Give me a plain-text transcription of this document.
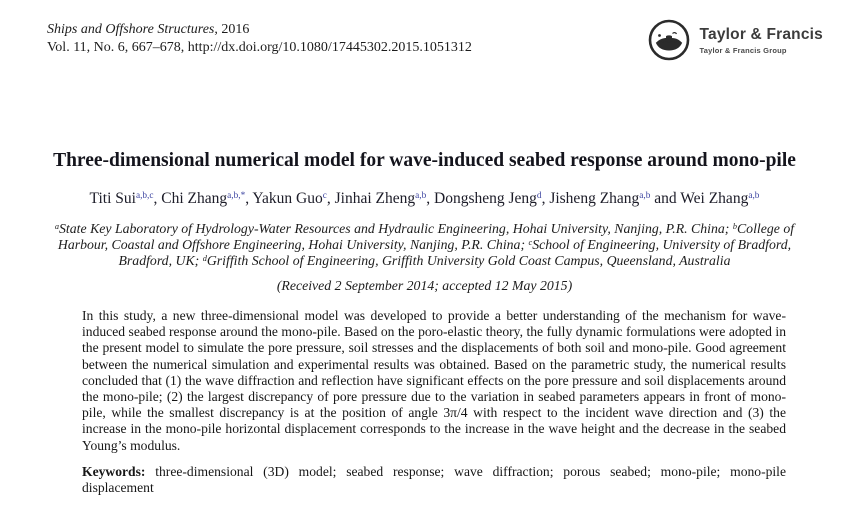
Ships and Offshore Structures, 2016
Vol. 11, No. 6, 667–678, http://dx.doi.org/10.1080/17445302.2015.1051312
Taylor & Francis
Taylor & Francis Group
Three-dimensional numerical model for wave-induced seabed response around mono-pile

Titi Sui$^{a,b,c}$, Chi Zhang$^{a,b,*}$, Yakun Guo$^c$, Jinhai Zheng$^{a,b}$, Dongsheng Jeng$^d$, Jisheng Zhang$^{a,b}$ and Wei Zhang$^{a,b}$

$^a$State Key Laboratory of Hydrology-Water Resources and Hydraulic Engineering, Hohai University, Nanjing, P.R. China; $^b$College of Harbour, Coastal and Offshore Engineering, Hohai University, Nanjing, P.R. China; $^c$School of Engineering, University of Bradford, Bradford, UK; $^d$Griffith School of Engineering, Griffith University Gold Coast Campus, Queensland, Australia

(Received 2 September 2014; accepted 12 May 2015)

In this study, a new three-dimensional model was developed to provide a better understanding of the mechanism for wave-induced seabed response around the mono-pile. Based on the poro-elastic theory, the fully dynamic formulations were adopted in the present model to simulate the pore pressure, soil stresses and the displacements of both soil and mono-pile. Good agreement between the numerical simulation and experimental results was obtained. Based on the parametric study, the numerical results concluded that (1) the wave diffraction and reflection have significant effects on the pore pressure and soil displacements around the mono-pile; (2) the largest discrepancy of pore pressure due to the variation in seabed parameters appears in front of mono-pile, while the smallest discrepancy is at the position of angle 3π/4 with respect to the incident wave direction and (3) the increase in the mono-pile horizontal displacement corresponds to the increase in the wave height and the decrease in the seabed Young’s modulus.

Keywords: three-dimensional (3D) model; seabed response; wave diffraction; porous seabed; mono-pile; mono-pile displacement
